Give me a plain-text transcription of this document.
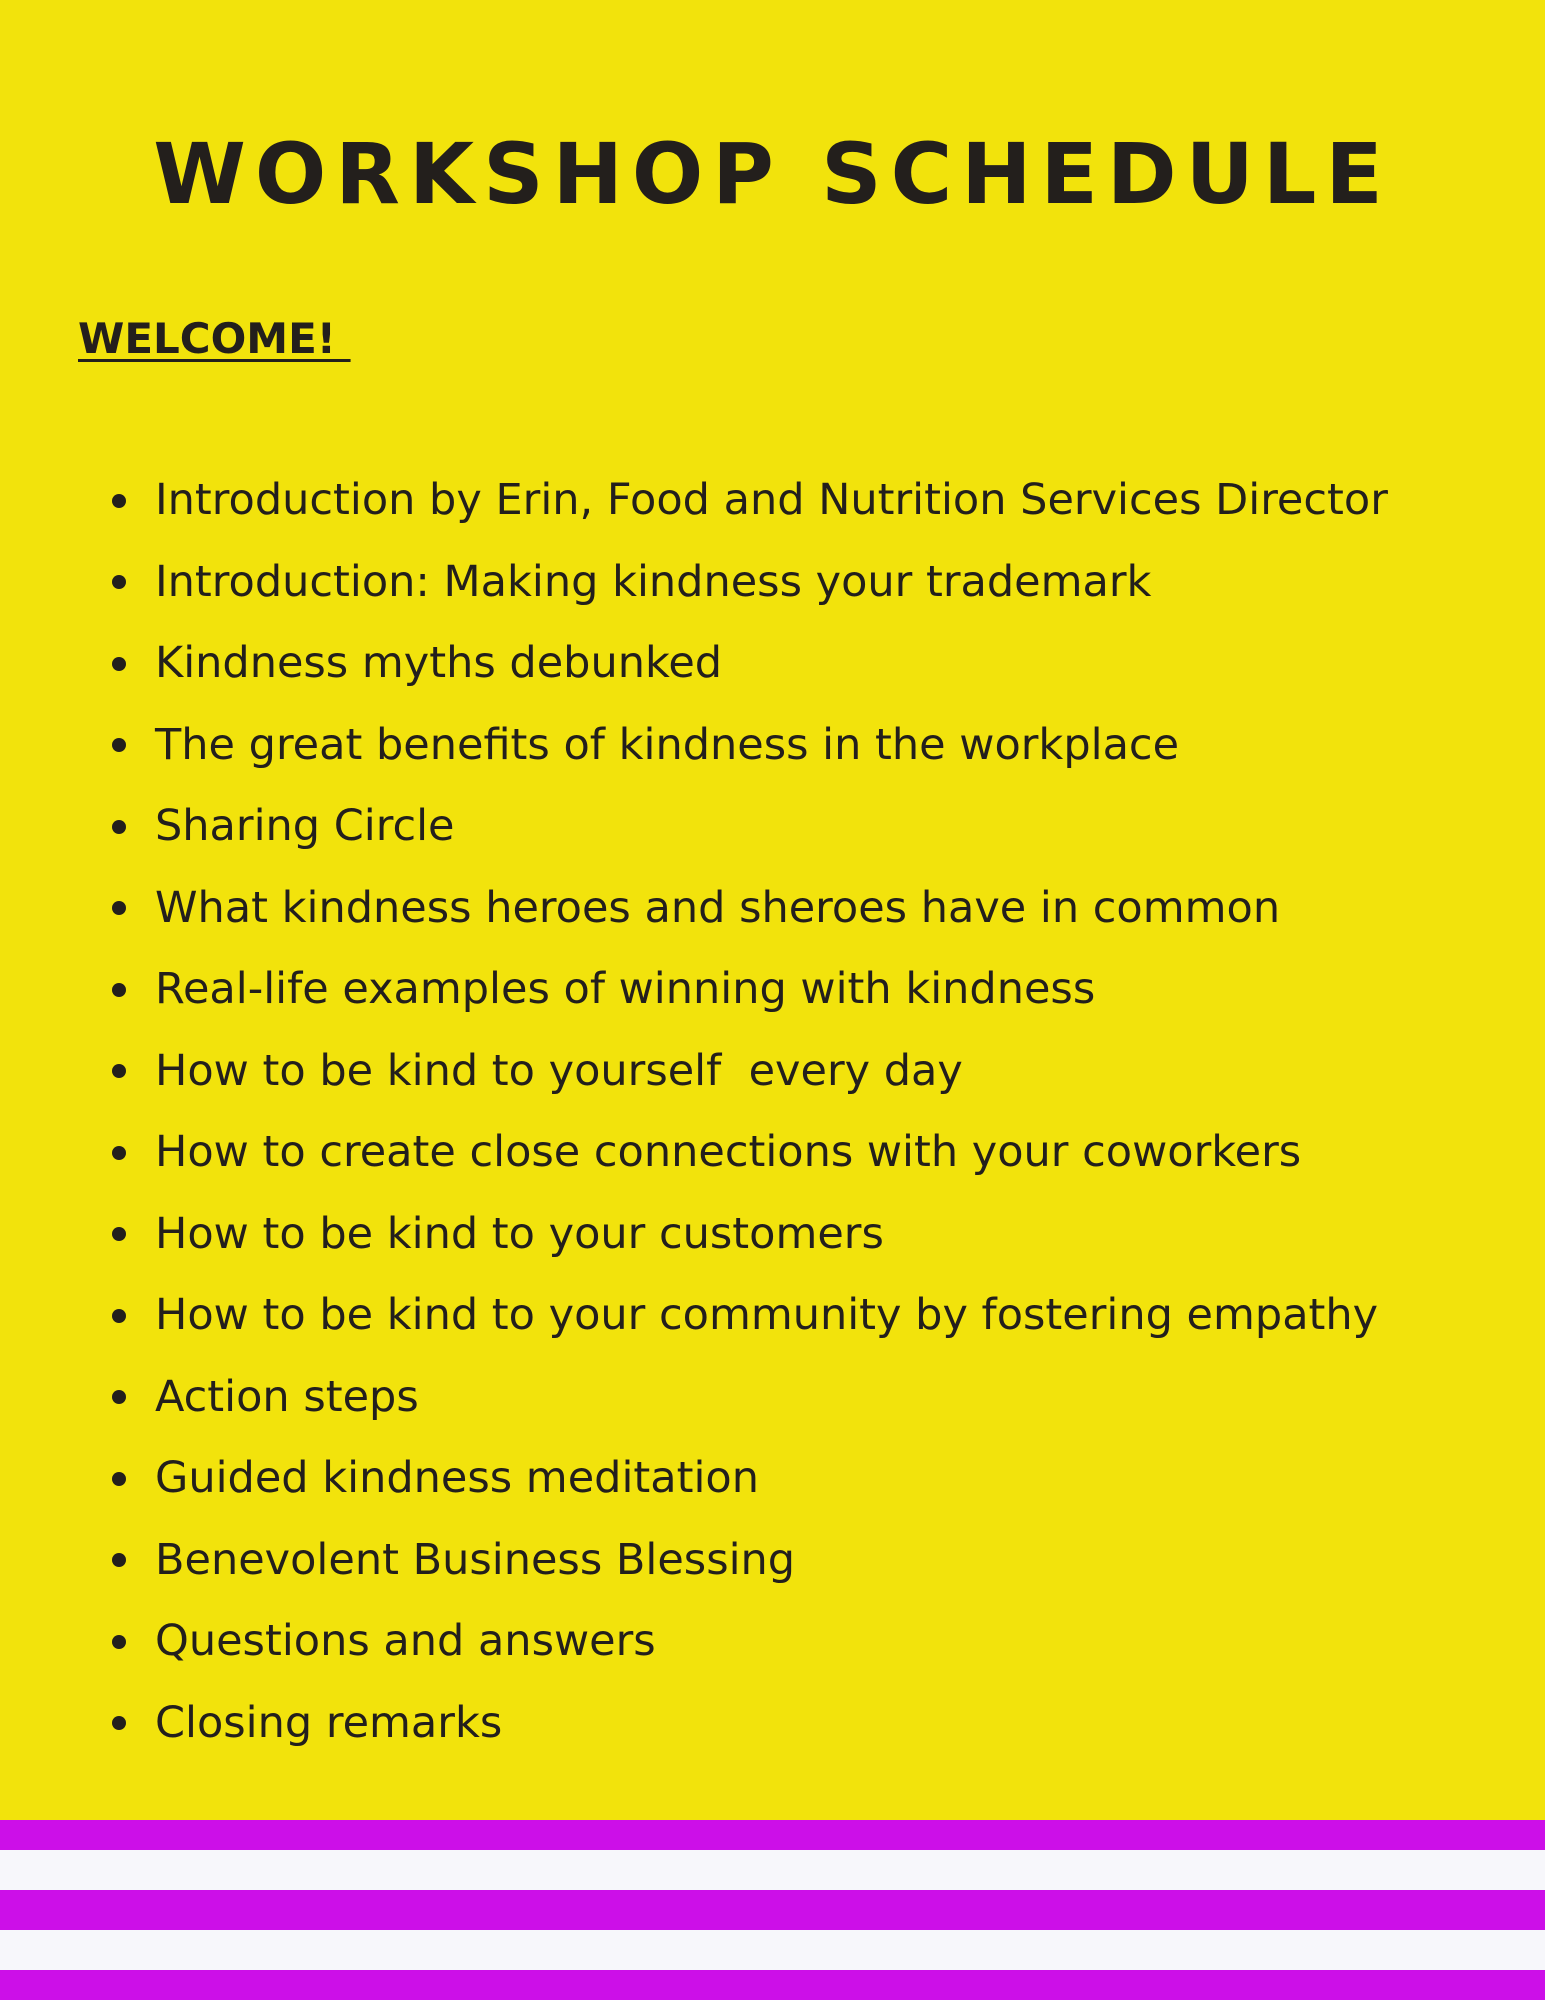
WORKSHOP SCHEDULE
WELCOME!
Introduction by Erin, Food and Nutrition Services Director
Introduction: Making kindness your trademark
Kindness myths debunked
The great benefits of kindness in the workplace
Sharing Circle
What kindness heroes and sheroes have in common
Real-life examples of winning with kindness
How to be kind to yourself  every day
How to create close connections with your coworkers
How to be kind to your customers
How to be kind to your community by fostering empathy
Action steps
Guided kindness meditation
Benevolent Business Blessing
Questions and answers
Closing remarks
